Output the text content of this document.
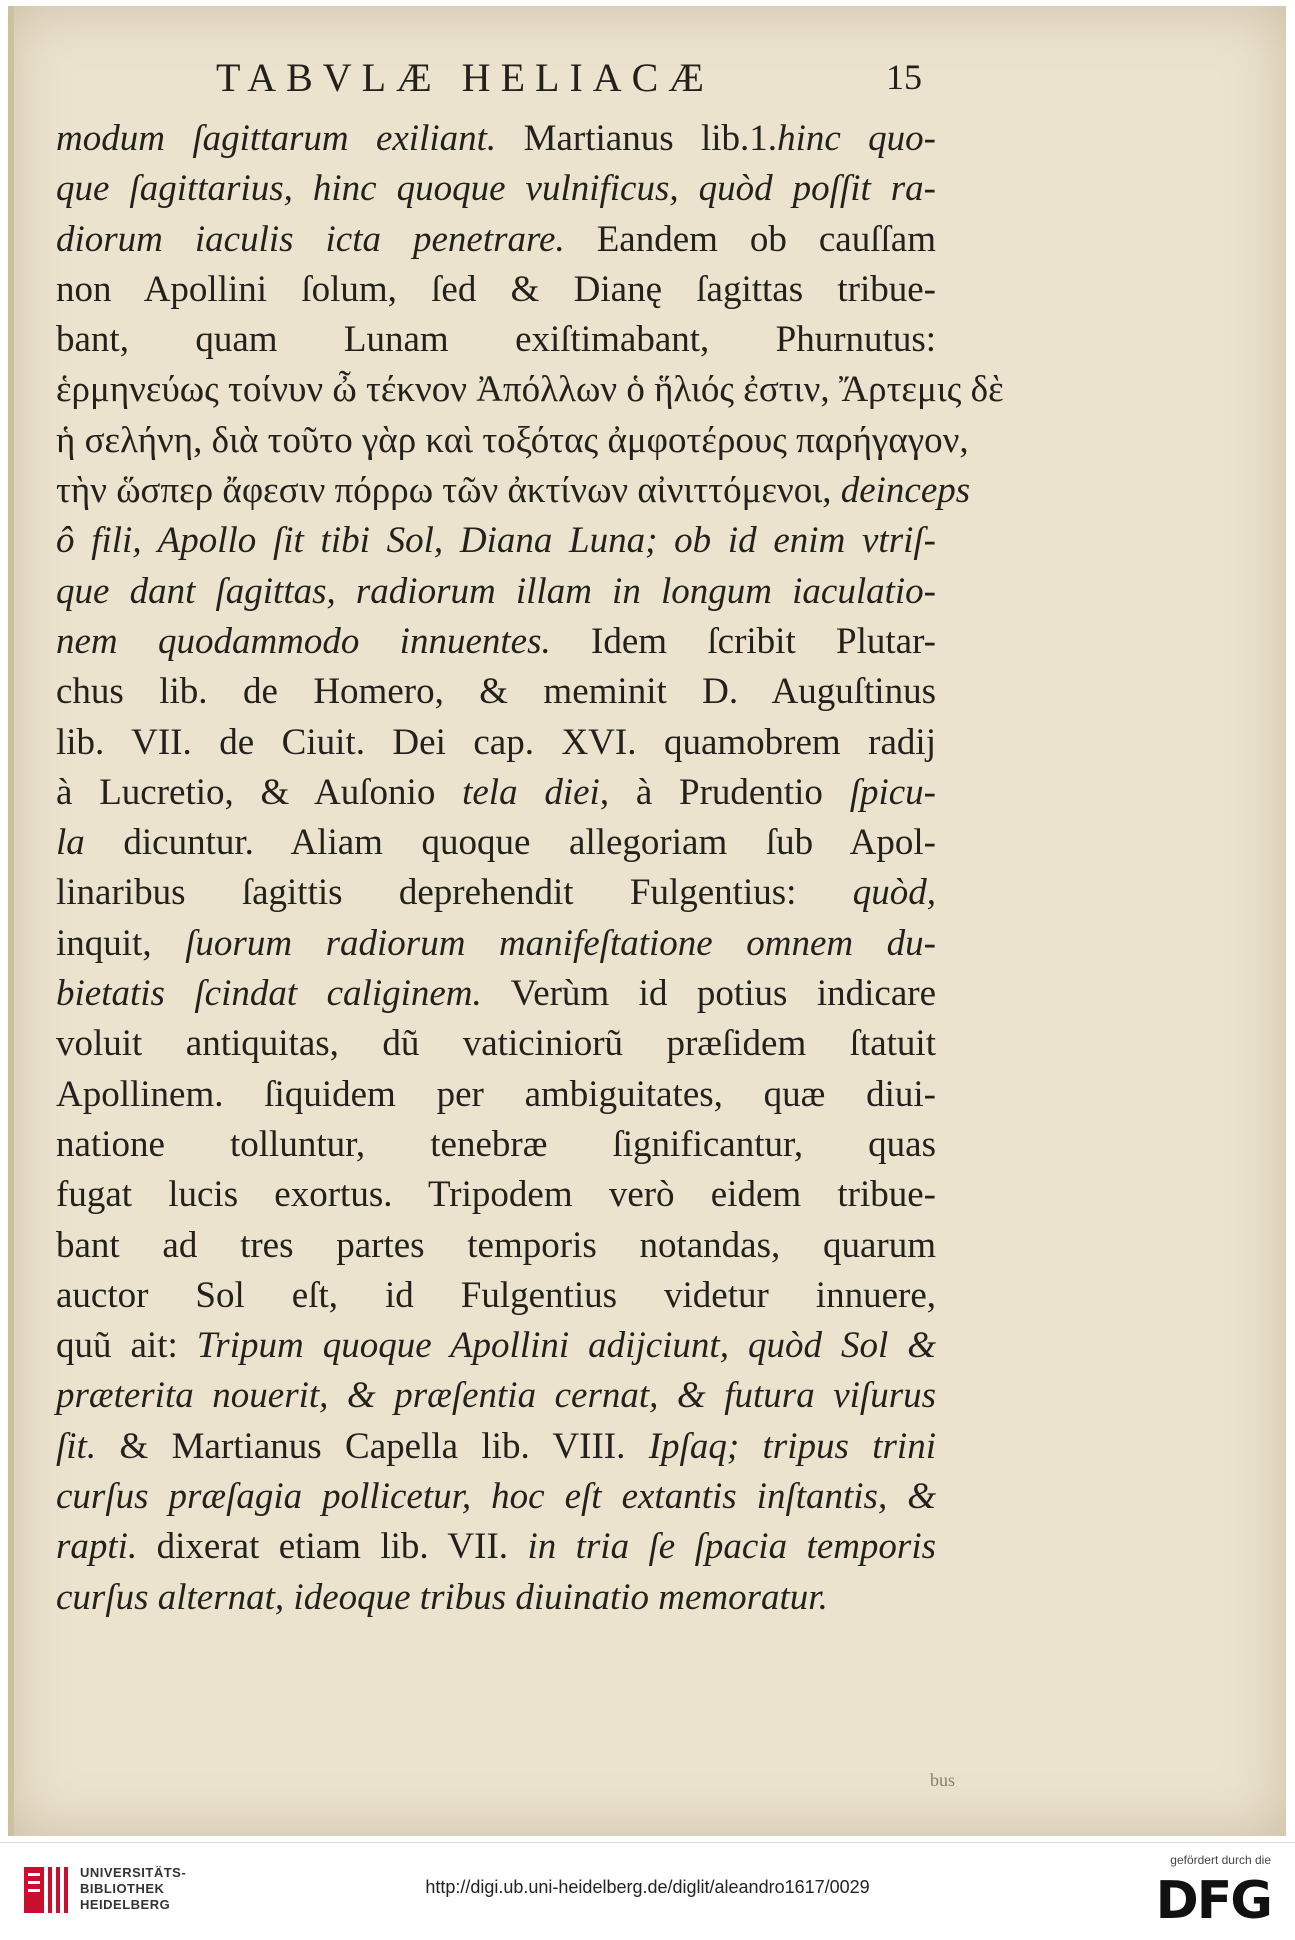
TABVLÆ HELIACÆ	15
modum ſagittarum exiliant. Martianus lib.1.hinc quo-
que ſagittarius, hinc quoque vulnificus, quòd poſſit ra-
diorum iaculis icta penetrare. Eandem ob cauſſam
non Apollini ſolum, ſed & Dianę ſagittas tribue-
bant, quam Lunam exiſtimabant, Phurnutus:
ἑρμηνεύως τοίνυν ὦ τέκνον Ἀπόλλων ὁ ἥλιός ἐστιν, Ἄρτεμις δὲ
ἡ σελήνη, διὰ τοῦτο γὰρ καὶ τοξότας ἀμφοτέρους παρήγαγον,
τὴν ὥσπερ ἄφεσιν πόρρω τῶν ἀκτίνων αἰνιττόμενοι, deinceps
ô fili, Apollo ſit tibi Sol, Diana Luna; ob id enim vtriſ-
que dant ſagittas, radiorum illam in longum iaculatio-
nem quodammodo innuentes. Idem ſcribit Plutar-
chus lib. de Homero, & meminit D. Auguſtinus
lib. VII. de Ciuit. Dei cap. XVI. quamobrem radij
à Lucretio, & Auſonio tela diei, à Prudentio ſpicu-
la dicuntur. Aliam quoque allegoriam ſub Apol-
linaribus ſagittis deprehendit Fulgentius: quòd,
inquit, ſuorum radiorum manifeſtatione omnem du-
bietatis ſcindat caliginem. Verùm id potius indicare
voluit antiquitas, dũ vaticiniorũ præſidem ſtatuit
Apollinem. ſiquidem per ambiguitates, quæ diui-
natione tolluntur, tenebræ ſignificantur, quas
fugat lucis exortus. Tripodem verò eidem tribue-
bant ad tres partes temporis notandas, quarum
auctor Sol eſt, id Fulgentius videtur innuere,
quũ ait: Tripum quoque Apollini adijciunt, quòd Sol &
præterita nouerit, & præſentia cernat, & futura viſurus
ſit. & Martianus Capella lib. VIII. Ipſaq; tripus trini
curſus præſagia pollicetur, hoc eſt extantis inſtantis, &
rapti. dixerat etiam lib. VII. in tria ſe ſpacia temporis
curſus alternat, ideoque tribus diuinatio memoratur.
bus
UNIVERSITÄTS-
BIBLIOTHEK
HEIDELBERG
http://digi.ub.uni-heidelberg.de/diglit/aleandro1617/0029
gefördert durch die
DFG
